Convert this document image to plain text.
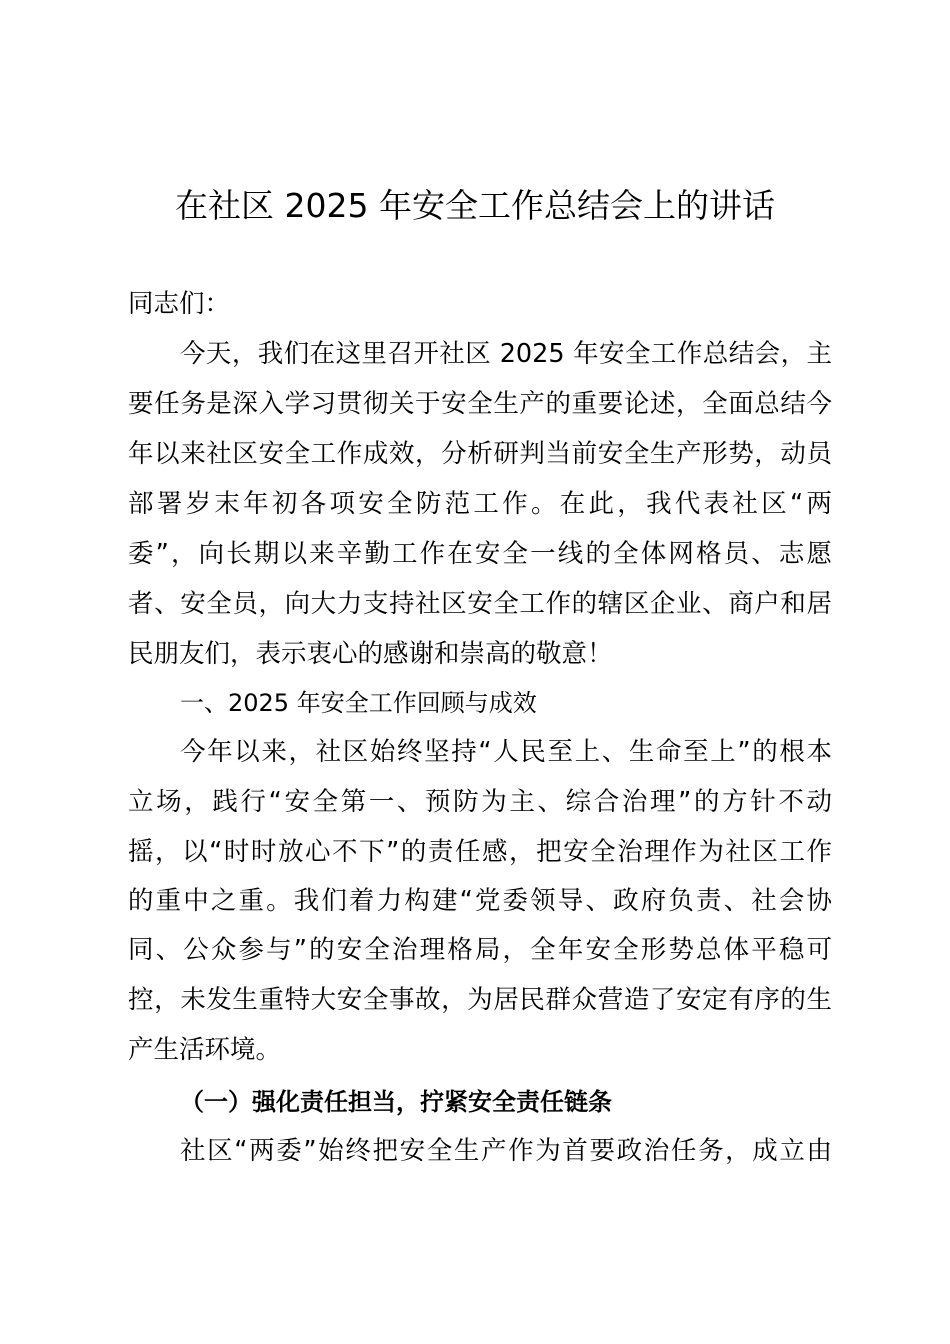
在社区 2025 年安全工作总结会上的讲话
同志们：
今天，我们在这里召开社区 2025 年安全工作总结会，主
要任务是深入学习贯彻关于安全生产的重要论述，全面总结今
年以来社区安全工作成效，分析研判当前安全生产形势，动员
部署岁末年初各项安全防范工作。在此，我代表社区“两
委”，向长期以来辛勤工作在安全一线的全体网格员、志愿
者、安全员，向大力支持社区安全工作的辖区企业、商户和居
民朋友们，表示衷心的感谢和崇高的敬意！
一、2025 年安全工作回顾与成效
今年以来，社区始终坚持“人民至上、生命至上”的根本
立场，践行“安全第一、预防为主、综合治理”的方针不动
摇，以“时时放心不下”的责任感，把安全治理作为社区工作
的重中之重。我们着力构建“党委领导、政府负责、社会协
同、公众参与”的安全治理格局，全年安全形势总体平稳可
控，未发生重特大安全事故，为居民群众营造了安定有序的生
产生活环境。
（一）强化责任担当，拧紧安全责任链条
社区“两委”始终把安全生产作为首要政治任务，成立由
